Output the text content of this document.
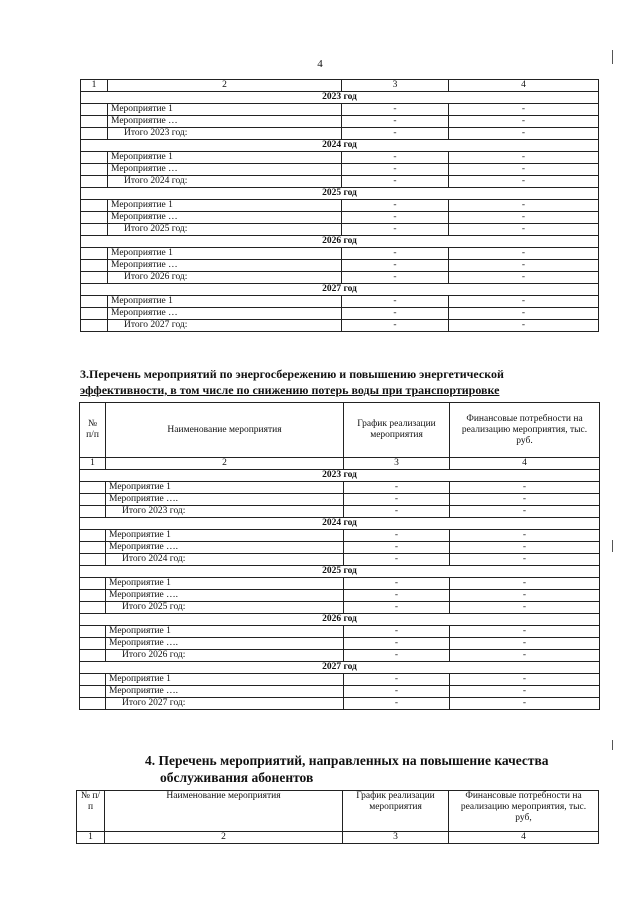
4
1	2	3	4
2023 год			
	Мероприятие 1	-	-
	Мероприятие …	-	-
	Итого 2023 год:	-	-
2024 год			
	Мероприятие 1	-	-
	Мероприятие …	-	-
	Итого 2024 год:	-	-
2025 год			
	Мероприятие 1	-	-
	Мероприятие …	-	-
	Итого 2025 год:	-	-
2026 год			
	Мероприятие 1	-	-
	Мероприятие …	-	-
	Итого 2026 год:	-	-
2027 год			
	Мероприятие 1	-	-
	Мероприятие …	-	-
	Итого 2027 год:	-	-
3.Перечень мероприятий по энергосбережению и повышению энергетической
эффективности, в том числе по снижению потерь воды при транспортировке
№ п/п	Наименование мероприятия	График реализации мероприятия	Финансовые потребности на реализацию мероприятия, тыс. руб.
1	2	3	4
2023 год			
	Мероприятие 1	-	-
	Мероприятие ….	-	-
	Итого 2023 год:	-	-
2024 год			
	Мероприятие 1	-	-
	Мероприятие ….	-	-
	Итого 2024 год:	-	-
2025 год			
	Мероприятие 1	-	-
	Мероприятие ….	-	-
	Итого 2025 год:	-	-
2026 год			
	Мероприятие 1	-	-
	Мероприятие ….	-	-
	Итого 2026 год:	-	-
2027 год			
	Мероприятие 1	-	-
	Мероприятие ….	-	-
	Итого 2027 год:	-	-
4. Перечень мероприятий, направленных на повышение качества
обслуживания абонентов
№ п/п	Наименование мероприятия	График реализации мероприятия	Финансовые потребности на реализацию мероприятия, тыс. руб,
1	2	3	4
